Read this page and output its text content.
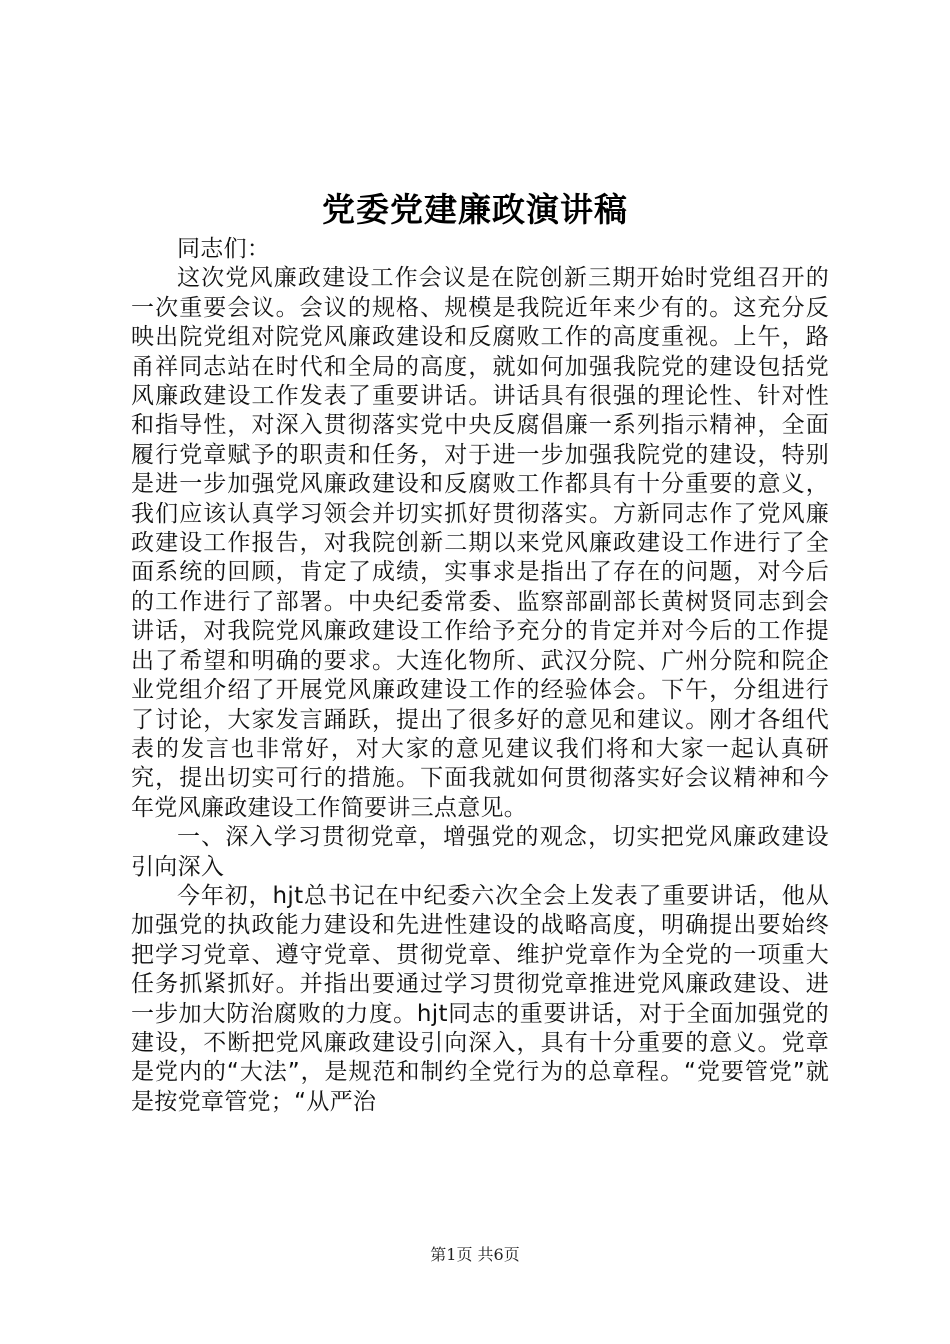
党委党建廉政演讲稿

同志们：

这次党风廉政建设工作会议是在院创新三期开始时党组召开的一次重要会议。会议的规格、规模是我院近年来少有的。这充分反映出院党组对院党风廉政建设和反腐败工作的高度重视。上午，路甬祥同志站在时代和全局的高度，就如何加强我院党的建设包括党风廉政建设工作发表了重要讲话。讲话具有很强的理论性、针对性和指导性，对深入贯彻落实党中央反腐倡廉一系列指示精神，全面履行党章赋予的职责和任务，对于进一步加强我院党的建设，特别是进一步加强党风廉政建设和反腐败工作都具有十分重要的意义，我们应该认真学习领会并切实抓好贯彻落实。方新同志作了党风廉政建设工作报告，对我院创新二期以来党风廉政建设工作进行了全面系统的回顾，肯定了成绩，实事求是指出了存在的问题，对今后的工作进行了部署。中央纪委常委、监察部副部长黄树贤同志到会讲话，对我院党风廉政建设工作给予充分的肯定并对今后的工作提出了希望和明确的要求。大连化物所、武汉分院、广州分院和院企业党组介绍了开展党风廉政建设工作的经验体会。下午，分组进行了讨论，大家发言踊跃，提出了很多好的意见和建议。刚才各组代表的发言也非常好，对大家的意见建议我们将和大家一起认真研究，提出切实可行的措施。下面我就如何贯彻落实好会议精神和今年党风廉政建设工作简要讲三点意见。

一、深入学习贯彻党章，增强党的观念，切实把党风廉政建设引向深入

今年初，hjt总书记在中纪委六次全会上发表了重要讲话，他从加强党的执政能力建设和先进性建设的战略高度，明确提出要始终把学习党章、遵守党章、贯彻党章、维护党章作为全党的一项重大任务抓紧抓好。并指出要通过学习贯彻党章推进党风廉政建设、进一步加大防治腐败的力度。hjt同志的重要讲话，对于全面加强党的建设，不断把党风廉政建设引向深入，具有十分重要的意义。党章是党内的“大法”，是规范和制约全党行为的总章程。“党要管党”就是按党章管党；“从严治

第1页 共6页
